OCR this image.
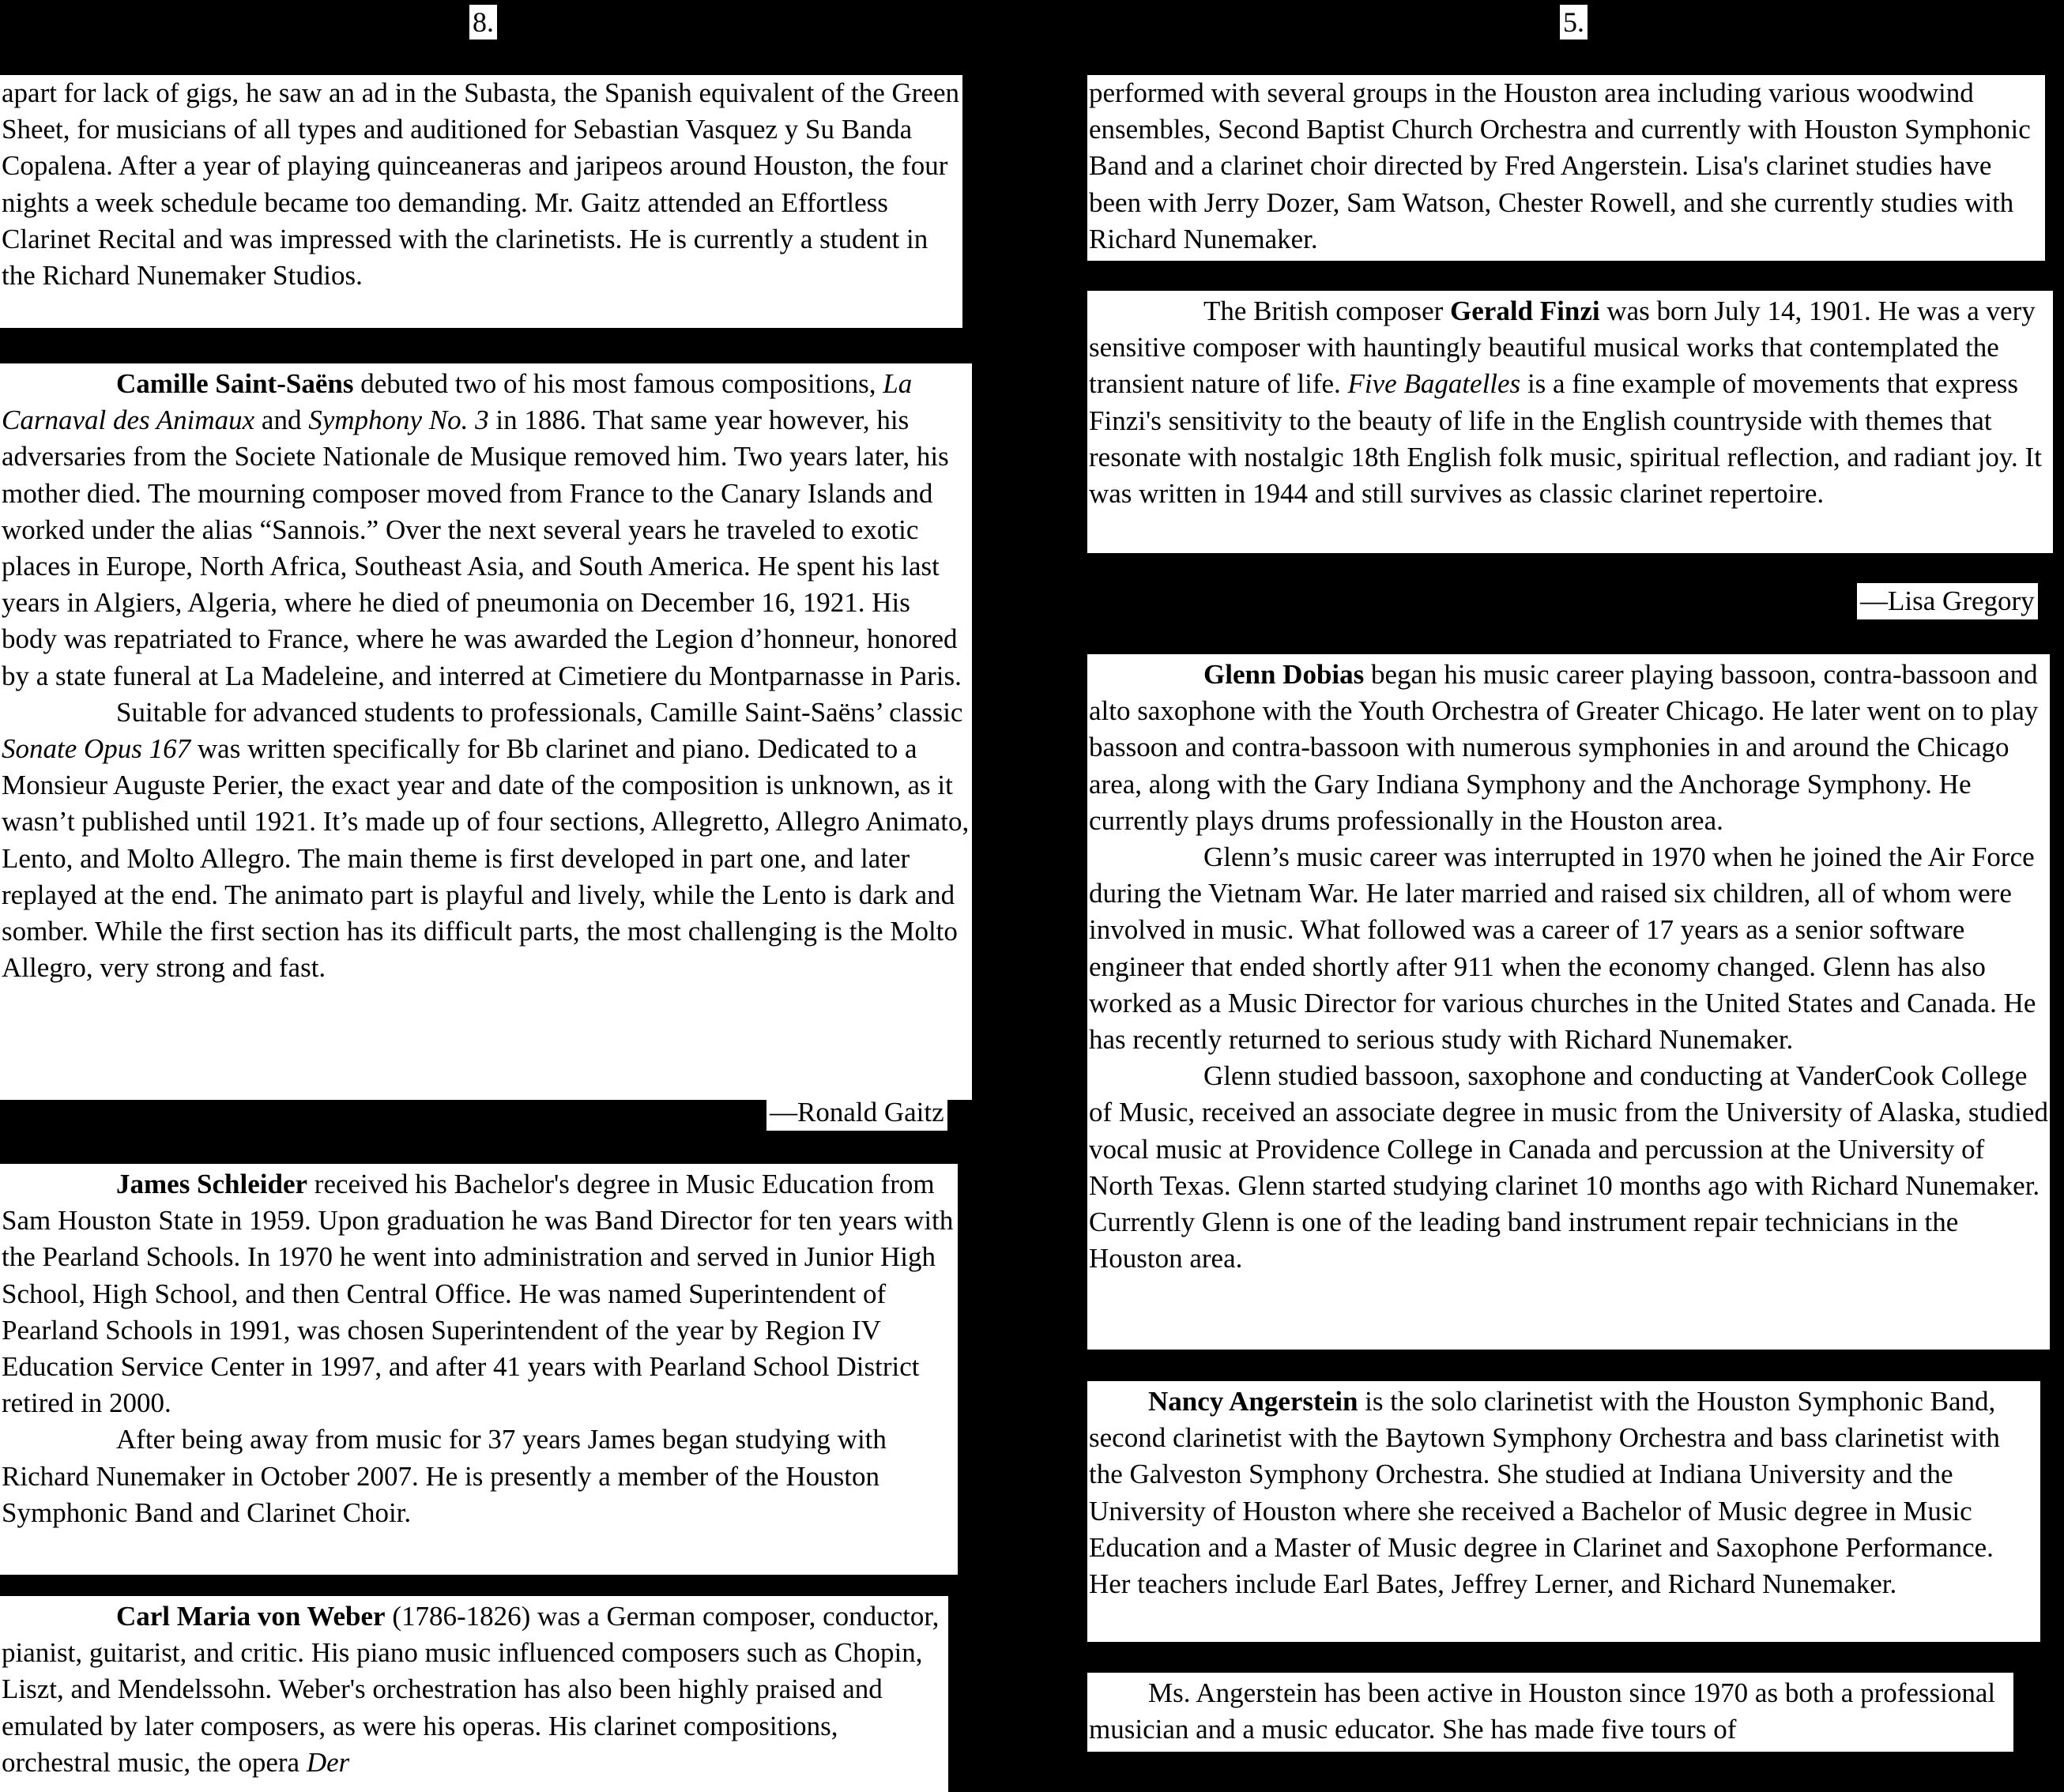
8.

apart for lack of gigs, he saw an ad in the Subasta, the Spanish equivalent of the Green Sheet, for musicians of all types and auditioned for Sebastian Vasquez y Su Banda Copalena. After a year of playing quinceaneras and jaripeos around Houston, the four nights a week schedule became too demanding. Mr. Gaitz attended an Effortless Clarinet Recital and was impressed with the clarinetists. He is currently a student in the Richard Nunemaker Studios.

Camille Saint-Saëns debuted two of his most famous compositions, La Carnaval des Animaux and Symphony No. 3 in 1886. That same year however, his adversaries from the Societe Nationale de Musique removed him. Two years later, his mother died. The mourning composer moved from France to the Canary Islands and worked under the alias “Sannois.” Over the next several years he traveled to exotic places in Europe, North Africa, Southeast Asia, and South America. He spent his last years in Algiers, Algeria, where he died of pneumonia on December 16, 1921. His body was repatriated to France, where he was awarded the Legion d’honneur, honored by a state funeral at La Madeleine, and interred at Cimetiere du Montparnasse in Paris.

Suitable for advanced students to professionals, Camille Saint-Saëns’ classic Sonate Opus 167 was written specifically for Bb clarinet and piano. Dedicated to a Monsieur Auguste Perier, the exact year and date of the composition is unknown, as it wasn’t published until 1921. It’s made up of four sections, Allegretto, Allegro Animato, Lento, and Molto Allegro. The main theme is first developed in part one, and later replayed at the end. The animato part is playful and lively, while the Lento is dark and somber. While the first section has its difficult parts, the most challenging is the Molto Allegro, very strong and fast.

—Ronald Gaitz

James Schleider received his Bachelor's degree in Music Education from Sam Houston State in 1959. Upon graduation he was Band Director for ten years with the Pearland Schools. In 1970 he went into administration and served in Junior High School, High School, and then Central Office. He was named Superintendent of Pearland Schools in 1991, was chosen Superintendent of the year by Region IV Education Service Center in 1997, and after 41 years with Pearland School District retired in 2000.

After being away from music for 37 years James began studying with Richard Nunemaker in October 2007. He is presently a member of the Houston Symphonic Band and Clarinet Choir.

Carl Maria von Weber (1786-1826) was a German composer, conductor, pianist, guitarist, and critic. His piano music influenced composers such as Chopin, Liszt, and Mendelssohn. Weber's orchestration has also been highly praised and emulated by later composers, as were his operas. His clarinet compositions, orchestral music, the opera Der

5.

performed with several groups in the Houston area including various woodwind ensembles, Second Baptist Church Orchestra and currently with Houston Symphonic Band and a clarinet choir directed by Fred Angerstein. Lisa's clarinet studies have been with Jerry Dozer, Sam Watson, Chester Rowell, and she currently studies with Richard Nunemaker.

The British composer Gerald Finzi was born July 14, 1901. He was a very sensitive composer with hauntingly beautiful musical works that contemplated the transient nature of life. Five Bagatelles is a fine example of movements that express Finzi's sensitivity to the beauty of life in the English countryside with themes that resonate with nostalgic 18th English folk music, spiritual reflection, and radiant joy. It was written in 1944 and still survives as classic clarinet repertoire.

—Lisa Gregory

Glenn Dobias began his music career playing bassoon, contra-bassoon and alto saxophone with the Youth Orchestra of Greater Chicago. He later went on to play bassoon and contra-bassoon with numerous symphonies in and around the Chicago area, along with the Gary Indiana Symphony and the Anchorage Symphony. He currently plays drums professionally in the Houston area.

Glenn’s music career was interrupted in 1970 when he joined the Air Force during the Vietnam War. He later married and raised six children, all of whom were involved in music. What followed was a career of 17 years as a senior software engineer that ended shortly after 911 when the economy changed. Glenn has also worked as a Music Director for various churches in the United States and Canada. He has recently returned to serious study with Richard Nunemaker.

Glenn studied bassoon, saxophone and conducting at VanderCook College of Music, received an associate degree in music from the University of Alaska, studied vocal music at Providence College in Canada and percussion at the University of North Texas. Glenn started studying clarinet 10 months ago with Richard Nunemaker. Currently Glenn is one of the leading band instrument repair technicians in the Houston area.

Nancy Angerstein is the solo clarinetist with the Houston Symphonic Band, second clarinetist with the Baytown Symphony Orchestra and bass clarinetist with the Galveston Symphony Orchestra. She studied at Indiana University and the University of Houston where she received a Bachelor of Music degree in Music Education and a Master of Music degree in Clarinet and Saxophone Performance. Her teachers include Earl Bates, Jeffrey Lerner, and Richard Nunemaker.

Ms. Angerstein has been active in Houston since 1970 as both a professional musician and a music educator. She has made five tours of
